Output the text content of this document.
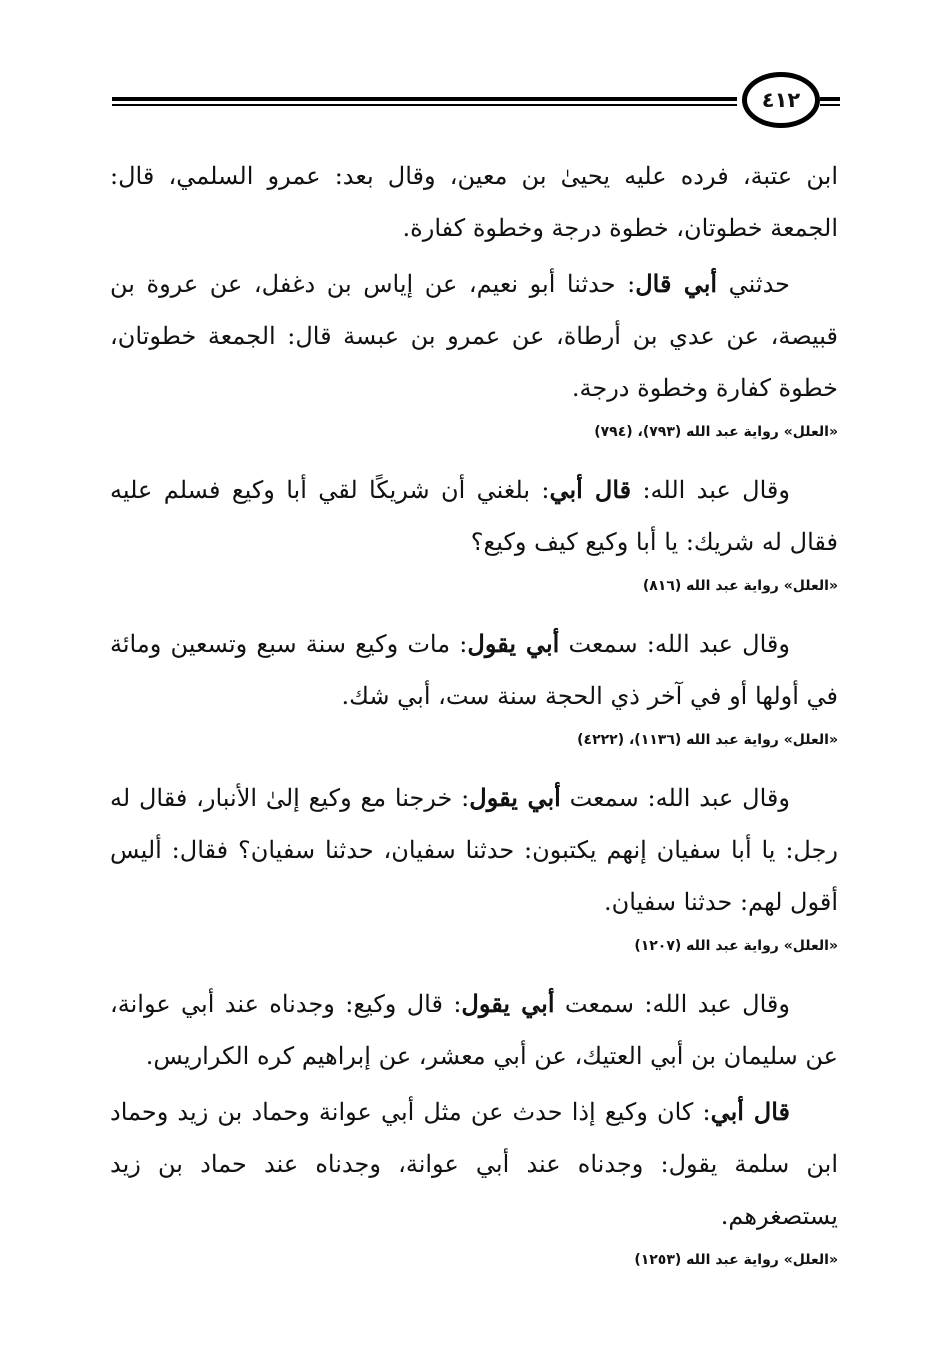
٤١٢

ابن عتبة، فرده عليه يحيىٰ بن معين، وقال بعد: عمرو السلمي، قال: الجمعة خطوتان، خطوة درجة وخطوة كفارة.

حدثني أبي قال: حدثنا أبو نعيم، عن إياس بن دغفل، عن عروة بن قبيصة، عن عدي بن أرطاة، عن عمرو بن عبسة قال: الجمعة خطوتان، خطوة كفارة وخطوة درجة.

«العلل» رواية عبد الله (٧٩٣)، (٧٩٤)

وقال عبد الله: قال أبي: بلغني أن شريكًا لقي أبا وكيع فسلم عليه فقال له شريك: يا أبا وكيع كيف وكيع؟

«العلل» رواية عبد الله (٨١٦)

وقال عبد الله: سمعت أبي يقول: مات وكيع سنة سبع وتسعين ومائة في أولها أو في آخر ذي الحجة سنة ست، أبي شك.

«العلل» رواية عبد الله (١١٣٦)، (٤٢٢٢)

وقال عبد الله: سمعت أبي يقول: خرجنا مع وكيع إلىٰ الأنبار، فقال له رجل: يا أبا سفيان إنهم يكتبون: حدثنا سفيان، حدثنا سفيان؟ فقال: أليس أقول لهم: حدثنا سفيان.

«العلل» رواية عبد الله (١٢٠٧)

وقال عبد الله: سمعت أبي يقول: قال وكيع: وجدناه عند أبي عوانة، عن سليمان بن أبي العتيك، عن أبي معشر، عن إبراهيم كره الكراريس.

قال أبي: كان وكيع إذا حدث عن مثل أبي عوانة وحماد بن زيد وحماد ابن سلمة يقول: وجدناه عند أبي عوانة، وجدناه عند حماد بن زيد يستصغرهم.

«العلل» رواية عبد الله (١٢٥٣)
